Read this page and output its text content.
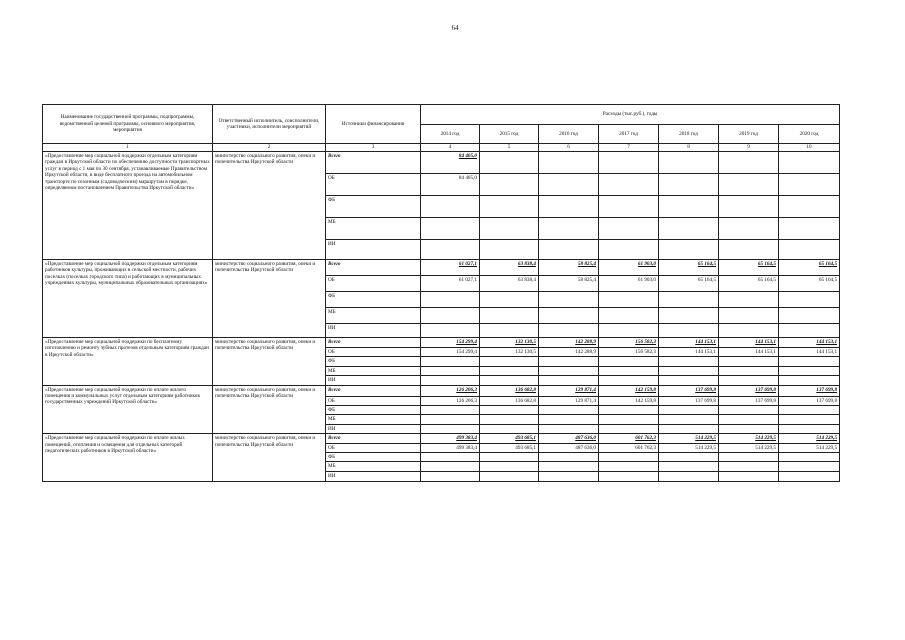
64
Наименование государственной программы, подпрограммы, ведомственной целевой программы, основного мероприятия, мероприятия	Ответственный исполнитель, соисполнители, участники, исполнители мероприятий	Источники финансирования	Расходы (тыс.руб.), годы						
			2014 год	2015 год	2016 год	2017 год	2018 год	2019 год	2020 год
1	2	3	4	5	6	7	8	9	10
«Предоставление мер социальной поддержки отдельным категориям граждан в Иркутской области по обеспечению доступности транспортных услуг в период с 1 мая по 30 сентября, устанавливаемые Правительством Иркутской области, в виде бесплатного проезда на автомобильном транспорте по сезонным (садоводческим) маршрутам в порядке, определяемом постановлением Правительства Иркутской области»	министерство социального развития, опеки и попечительства Иркутской области	Всего	84 405,0						
		ОБ	84 405,0						
		ФБ							
		МБ							
		ИИ							
«Предоставление мер социальной поддержки отдельным категориям работников культуры, проживающих в сельской местности, рабочих поселках (поселках городского типа) и работающих в муниципальных учреждениях культуры, муниципальных образовательных организациях»	министерство социального развития, опеки и попечительства Иркутской области	Всего	61 027,1	63 838,4	58 825,4	61 903,0	65 164,5	65 164,5	65 164,5
		ОБ	61 027,1	63 838,4	58 825,4	61 903,0	65 164,5	65 164,5	65 164,5
		ФБ							
		МБ							
		ИИ							
«Предоставление мер социальной поддержки по бесплатному изготовлению и ремонту зубных протезов отдельным категориям граждан в Иркутской области»	министерство социального развития, опеки и попечительства Иркутской области	Всего	154 299,4	132 130,5	142 288,9	156 582,3	144 153,1	144 153,1	144 153,1
		ОБ	154 299,4	132 130,5	142 288,9	156 582,3	144 153,1	144 153,1	144 153,1
		ФБ							
		МБ							
		ИИ							
«Предоставление мер социальной поддержки по оплате жилого помещения и коммунальных услуг отдельным категориям работников государственных учреждений Иркутской области»	министерство социального развития, опеки и попечительства Иркутской области	Всего	126 206,3	136 682,8	129 871,4	142 159,8	137 699,8	137 699,8	137 699,8
		ОБ	126 206,3	136 682,8	129 871,4	142 159,8	137 699,8	137 699,8	137 699,8
		ФБ							
		МБ							
		ИИ							
«Предоставление мер социальной поддержки по оплате жилых помещений, отопления и освещения для отдельных категорий педагогических работников в Иркутской области»	министерство социального развития, опеки и попечительства Иркутской области	Всего	499 383,4	493 685,1	487 636,0	601 762,3	514 229,5	514 229,5	514 229,5
		ОБ	499 383,4	493 685,1	487 636,0	601 762,3	514 229,5	514 229,5	514 229,5
		ФБ							
		МБ							
		ИИ							
